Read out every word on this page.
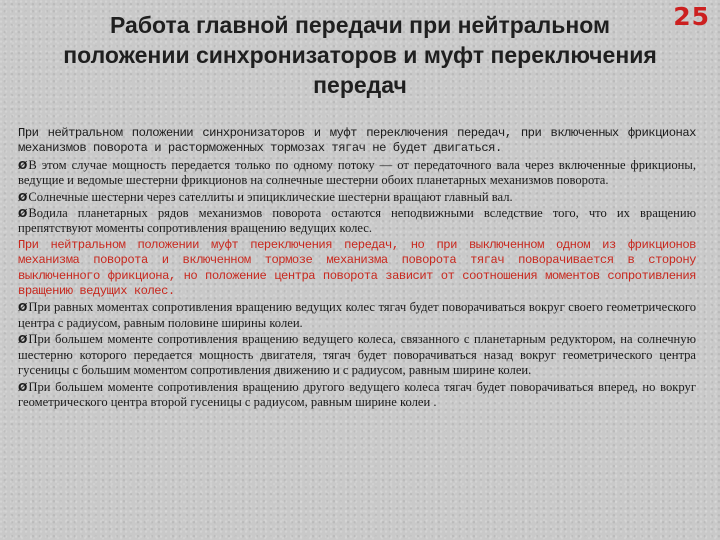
25
Работа главной передачи при нейтральном
положении синхронизаторов и муфт переключения
передач

При нейтральном положении синхронизаторов и муфт переключения передач, при включенных фрикционах механизмов поворота и расторможенных тормозах тягач не будет двигаться.

ØВ этом случае мощность передается только по одному потоку — от передаточного вала через включенные фрикционы, ведущие и ведомые шестерни фрикционов на солнечные шестерни обоих планетарных механизмов поворота.

ØСолнечные шестерни через сателлиты и эпициклические шестерни вращают главный вал.

ØВодила планетарных рядов механизмов поворота остаются неподвижными вследствие того, что их вращению препятствуют моменты сопротивления вращению ведущих колес.

При нейтральном положении муфт переключения передач, но при выключенном одном из фрикционов механизма поворота и включенном тормозе механизма поворота тягач поворачивается в сторону выключенного фрикциона, но положение центра поворота зависит от соотношения моментов сопротивления вращению ведущих колес.

ØПри равных моментах сопротивления вращению ведущих колес тягач будет поворачиваться вокруг своего геометрического центра с радиусом, равным половине ширины колеи.

ØПри большем моменте сопротивления вращению ведущего колеса, связанного с планетарным редуктором, на солнечную шестерню которого передается мощность двигателя, тягач будет поворачиваться назад вокруг геометрического центра гусеницы с большим моментом сопротивления движению и с радиусом, равным ширине колеи.

ØПри большем моменте сопротивления вращению другого ведущего колеса тягач будет поворачиваться вперед, но вокруг геометрического центра второй гусеницы с радиусом, равным ширине колеи .
